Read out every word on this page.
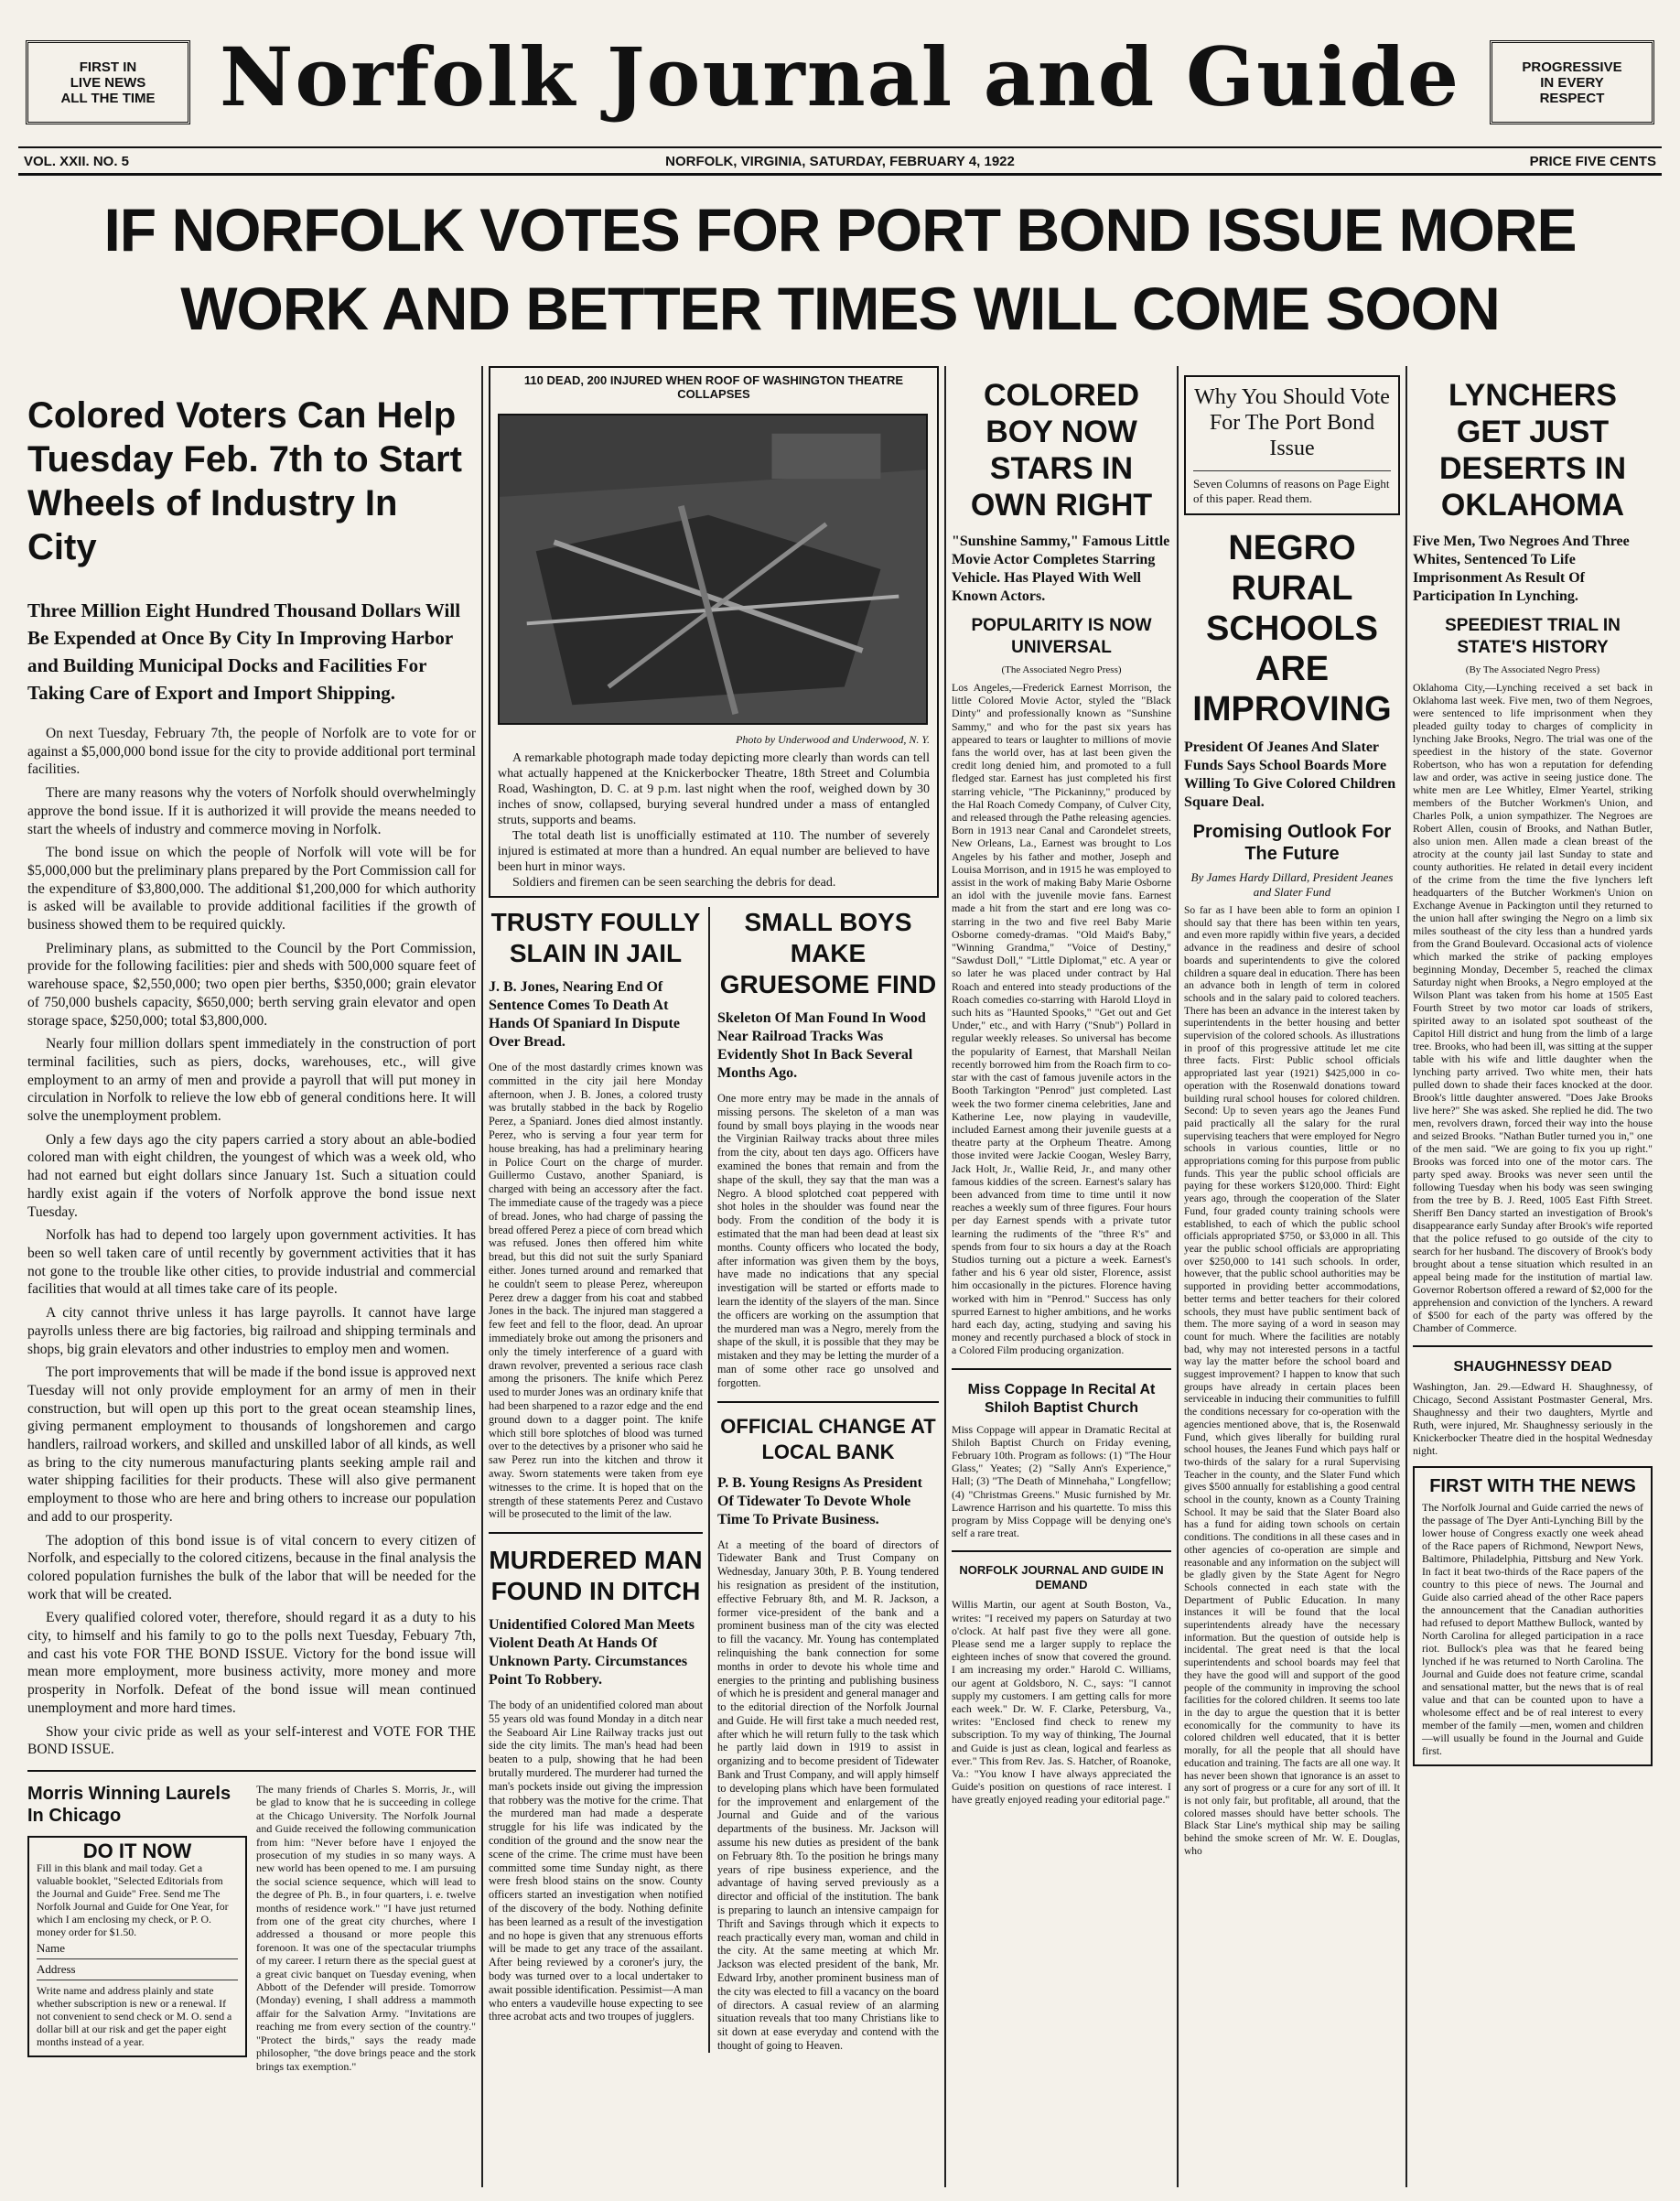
FIRST IN
LIVE NEWS
ALL THE TIME Norfolk Journal and Guide	PROGRESSIVE
IN EVERY
RESPECT
VOL. XXII. NO. 5	NORFOLK, VIRGINIA, SATURDAY, FEBRUARY 4, 1922	PRICE FIVE CENTS
IF NORFOLK VOTES FOR PORT BOND ISSUE MORE
WORK AND BETTER TIMES WILL COME SOON
Colored Voters Can Help Tuesday Feb. 7th to Start Wheels of Industry In City
Three Million Eight Hundred Thousand Dollars Will Be Expended at Once By City In Improving Harbor and Building Municipal Docks and Facilities For Taking Care of Export and Import Shipping.

On next Tuesday, February 7th, the people of Norfolk are to vote for or against a $5,000,000 bond issue for the city to provide additional port terminal facilities.

There are many reasons why the voters of Norfolk should overwhelmingly approve the bond issue. If it is authorized it will provide the means needed to start the wheels of industry and commerce moving in Norfolk.

The bond issue on which the people of Norfolk will vote will be for $5,000,000 but the preliminary plans prepared by the Port Commission call for the expenditure of $3,800,000. The additional $1,200,000 for which authority is asked will be available to provide additional facilities if the growth of business showed them to be required quickly.

Preliminary plans, as submitted to the Council by the Port Commission, provide for the following facilities: pier and sheds with 500,000 square feet of warehouse space, $2,550,000; two open pier berths, $350,000; grain elevator of 750,000 bushels capacity, $650,000; berth serving grain elevator and open storage space, $250,000; total $3,800,000.

Nearly four million dollars spent immediately in the construction of port terminal facilities, such as piers, docks, warehouses, etc., will give employment to an army of men and provide a payroll that will put money in circulation in Norfolk to relieve the low ebb of general conditions here. It will solve the unemployment problem.

Only a few days ago the city papers carried a story about an able-bodied colored man with eight children, the youngest of which was a week old, who had not earned but eight dollars since January 1st. Such a situation could hardly exist again if the voters of Norfolk approve the bond issue next Tuesday.

Norfolk has had to depend too largely upon government activities. It has been so well taken care of until recently by government activities that it has not gone to the trouble like other cities, to provide industrial and commercial facilities that would at all times take care of its people.

A city cannot thrive unless it has large payrolls. It cannot have large payrolls unless there are big factories, big railroad and shipping terminals and shops, big grain elevators and other industries to employ men and women.

The port improvements that will be made if the bond issue is approved next Tuesday will not only provide employment for an army of men in their construction, but will open up this port to the great ocean steamship lines, giving permanent employment to thousands of longshoremen and cargo handlers, railroad workers, and skilled and unskilled labor of all kinds, as well as bring to the city numerous manufacturing plants seeking ample rail and water shipping facilities for their products. These will also give permanent employment to those who are here and bring others to increase our population and add to our prosperity.

The adoption of this bond issue is of vital concern to every citizen of Norfolk, and especially to the colored citizens, because in the final analysis the colored population furnishes the bulk of the labor that will be needed for the work that will be created.

Every qualified colored voter, therefore, should regard it as a duty to his city, to himself and his family to go to the polls next Tuesday, Febuary 7th, and cast his vote FOR THE BOND ISSUE. Victory for the bond issue will mean more employment, more business activity, more money and more prosperity in Norfolk. Defeat of the bond issue will mean continued unemployment and more hard times.

Show your civic pride as well as your self-interest and VOTE FOR THE BOND ISSUE.

Morris Winning Laurels In Chicago
DO IT NOW
Fill in this blank and mail today. Get a valuable booklet, "Selected Editorials from the Journal and Guide" Free. Send me The Norfolk Journal and Guide for One Year, for which I am enclosing my check, or P. O. money order for $1.50.
Name
Address
Write name and address plainly and state whether subscription is new or a renewal. If not convenient to send check or M. O. send a dollar bill at our risk and get the paper eight months instead of a year.
The many friends of Charles S. Morris, Jr., will be glad to know that he is succeeding in college at the Chicago University. The Norfolk Journal and Guide received the following communication from him: "Never before have I enjoyed the prosecution of my studies in so many ways. A new world has been opened to me. I am pursuing the social science sequence, which will lead to the degree of Ph. B., in four quarters, i. e. twelve months of residence work." "I have just returned from one of the great city churches, where I addressed a thousand or more people this forenoon. It was one of the spectacular triumphs of my career. I return there as the special guest at a great civic banquet on Tuesday evening, when Abbott of the Defender will preside. Tomorrow (Monday) evening, I shall address a mammoth affair for the Salvation Army. "Invitations are reaching me from every section of the country." "Protect the birds," says the ready made philosopher, "the dove brings peace and the stork brings tax exemption."
110 DEAD, 200 INJURED WHEN ROOF OF WASHINGTON THEATRE COLLAPSES
Photo by Underwood and Underwood, N. Y.

A remarkable photograph made today depicting more clearly than words can tell what actually happened at the Knickerbocker Theatre, 18th Street and Columbia Road, Washington, D. C. at 9 p.m. last night when the roof, weighed down by 30 inches of snow, collapsed, burying several hundred under a mass of entangled struts, supports and beams.

The total death list is unofficially estimated at 110. The number of severely injured is estimated at more than a hundred. An equal number are believed to have been hurt in minor ways.

Soldiers and firemen can be seen searching the debris for dead.

TRUSTY FOULLY SLAIN IN JAIL
J. B. Jones, Nearing End Of Sentence Comes To Death At Hands Of Spaniard In Dispute Over Bread.
One of the most dastardly crimes known was committed in the city jail here Monday afternoon, when J. B. Jones, a colored trusty was brutally stabbed in the back by Rogelio Perez, a Spaniard. Jones died almost instantly. Perez, who is serving a four year term for house breaking, has had a preliminary hearing in Police Court on the charge of murder. Guillermo Custavo, another Spaniard, is charged with being an accessory after the fact. The immediate cause of the tragedy was a piece of bread. Jones, who had charge of passing the bread offered Perez a piece of corn bread which was refused. Jones then offered him white bread, but this did not suit the surly Spaniard either. Jones turned around and remarked that he couldn't seem to please Perez, whereupon Perez drew a dagger from his coat and stabbed Jones in the back. The injured man staggered a few feet and fell to the floor, dead. An uproar immediately broke out among the prisoners and only the timely interference of a guard with drawn revolver, prevented a serious race clash among the prisoners. The knife which Perez used to murder Jones was an ordinary knife that had been sharpened to a razor edge and the end ground down to a dagger point. The knife which still bore splotches of blood was turned over to the detectives by a prisoner who said he saw Perez run into the kitchen and throw it away. Sworn statements were taken from eye witnesses to the crime. It is hoped that on the strength of these statements Perez and Custavo will be prosecuted to the limit of the law.
MURDERED MAN FOUND IN DITCH
Unidentified Colored Man Meets Violent Death At Hands Of Unknown Party. Circumstances Point To Robbery.
The body of an unidentified colored man about 55 years old was found Monday in a ditch near the Seaboard Air Line Railway tracks just out side the city limits. The man's head had been beaten to a pulp, showing that he had been brutally murdered. The murderer had turned the man's pockets inside out giving the impression that robbery was the motive for the crime. That the murdered man had made a desperate struggle for his life was indicated by the condition of the ground and the snow near the scene of the crime. The crime must have been committed some time Sunday night, as there were fresh blood stains on the snow. County officers started an investigation when notified of the discovery of the body. Nothing definite has been learned as a result of the investigation and no hope is given that any strenuous efforts will be made to get any trace of the assailant. After being reviewed by a coroner's jury, the body was turned over to a local undertaker to await possible identification. Pessimist—A man who enters a vaudeville house expecting to see three acrobat acts and two troupes of jugglers.
SMALL BOYS MAKE GRUESOME FIND
Skeleton Of Man Found In Wood Near Railroad Tracks Was Evidently Shot In Back Several Months Ago.
One more entry may be made in the annals of missing persons. The skeleton of a man was found by small boys playing in the woods near the Virginian Railway tracks about three miles from the city, about ten days ago. Officers have examined the bones that remain and from the shape of the skull, they say that the man was a Negro. A blood splotched coat peppered with shot holes in the shoulder was found near the body. From the condition of the body it is estimated that the man had been dead at least six months. County officers who located the body, after information was given them by the boys, have made no indications that any special investigation will be started or efforts made to learn the identity of the slayers of the man. Since the officers are working on the assumption that the murdered man was a Negro, merely from the shape of the skull, it is possible that they may be mistaken and they may be letting the murder of a man of some other race go unsolved and forgotten.
OFFICIAL CHANGE AT LOCAL BANK
P. B. Young Resigns As President Of Tidewater To Devote Whole Time To Private Business.
At a meeting of the board of directors of Tidewater Bank and Trust Company on Wednesday, January 30th, P. B. Young tendered his resignation as president of the institution, effective February 8th, and M. R. Jackson, a former vice-president of the bank and a prominent business man of the city was elected to fill the vacancy. Mr. Young has contemplated relinquishing the bank connection for some months in order to devote his whole time and energies to the printing and publishing business of which he is president and general manager and to the editorial direction of the Norfolk Journal and Guide. He will first take a much needed rest, after which he will return fully to the task which he partly laid down in 1919 to assist in organizing and to become president of Tidewater Bank and Trust Company, and will apply himself to developing plans which have been formulated for the improvement and enlargement of the Journal and Guide and of the various departments of the business. Mr. Jackson will assume his new duties as president of the bank on February 8th. To the position he brings many years of ripe business experience, and the advantage of having served previously as a director and official of the institution. The bank is preparing to launch an intensive campaign for Thrift and Savings through which it expects to reach practically every man, woman and child in the city. At the same meeting at which Mr. Jackson was elected president of the bank, Mr. Edward Irby, another prominent business man of the city was elected to fill a vacancy on the board of directors. A casual review of an alarming situation reveals that too many Christians like to sit down at ease everyday and contend with the thought of going to Heaven.
COLORED BOY NOW STARS IN OWN RIGHT
"Sunshine Sammy," Famous Little Movie Actor Completes Starring Vehicle. Has Played With Well Known Actors.
POPULARITY IS NOW UNIVERSAL
(The Associated Negro Press)
Los Angeles,—Frederick Earnest Morrison, the little Colored Movie Actor, styled the "Black Dinty" and professionally known as "Sunshine Sammy," and who for the past six years has appeared to tears or laughter to millions of movie fans the world over, has at last been given the credit long denied him, and promoted to a full fledged star. Earnest has just completed his first starring vehicle, "The Pickaninny," produced by the Hal Roach Comedy Company, of Culver City, and released through the Pathe releasing agencies. Born in 1913 near Canal and Carondelet streets, New Orleans, La., Earnest was brought to Los Angeles by his father and mother, Joseph and Louisa Morrison, and in 1915 he was employed to assist in the work of making Baby Marie Osborne an idol with the juvenile movie fans. Earnest made a hit from the start and ere long was co-starring in the two and five reel Baby Marie Osborne comedy-dramas. "Old Maid's Baby," "Winning Grandma," "Voice of Destiny," "Sawdust Doll," "Little Diplomat," etc. A year or so later he was placed under contract by Hal Roach and entered into steady productions of the Roach comedies co-starring with Harold Lloyd in such hits as "Haunted Spooks," "Get out and Get Under," etc., and with Harry ("Snub") Pollard in regular weekly releases. So universal has become the popularity of Earnest, that Marshall Neilan recently borrowed him from the Roach firm to co-star with the cast of famous juvenile actors in the Booth Tarkington "Penrod" just completed. Last week the two former cinema celebrities, Jane and Katherine Lee, now playing in vaudeville, included Earnest among their juvenile guests at a theatre party at the Orpheum Theatre. Among those invited were Jackie Coogan, Wesley Barry, Jack Holt, Jr., Wallie Reid, Jr., and many other famous kiddies of the screen. Earnest's salary has been advanced from time to time until it now reaches a weekly sum of three figures. Four hours per day Earnest spends with a private tutor learning the rudiments of the "three R's" and spends from four to six hours a day at the Roach Studios turning out a picture a week. Earnest's father and his 6 year old sister, Florence, assist him occasionally in the pictures. Florence having worked with him in "Penrod." Success has only spurred Earnest to higher ambitions, and he works hard each day, acting, studying and saving his money and recently purchased a block of stock in a Colored Film producing organization.
Miss Coppage In Recital At Shiloh Baptist Church
Miss Coppage will appear in Dramatic Recital at Shiloh Baptist Church on Friday evening, February 10th. Program as follows: (1) "The Hour Glass," Yeates; (2) "Sally Ann's Experience," Hall; (3) "The Death of Minnehaha," Longfellow; (4) "Christmas Greens." Music furnished by Mr. Lawrence Harrison and his quartette. To miss this program by Miss Coppage will be denying one's self a rare treat.
NORFOLK JOURNAL AND GUIDE IN DEMAND
Willis Martin, our agent at South Boston, Va., writes: "I received my papers on Saturday at two o'clock. At half past five they were all gone. Please send me a larger supply to replace the eighteen inches of snow that covered the ground. I am increasing my order." Harold C. Williams, our agent at Goldsboro, N. C., says: "I cannot supply my customers. I am getting calls for more each week." Dr. W. F. Clarke, Petersburg, Va., writes: "Enclosed find check to renew my subscription. To my way of thinking, The Journal and Guide is just as clean, logical and fearless as ever." This from Rev. Jas. S. Hatcher, of Roanoke, Va.: "You know I have always appreciated the Guide's position on questions of race interest. I have greatly enjoyed reading your editorial page."
Why You Should Vote For The Port Bond Issue
Seven Columns of reasons on Page Eight of this paper. Read them.
NEGRO RURAL SCHOOLS ARE IMPROVING
President Of Jeanes And Slater Funds Says School Boards More Willing To Give Colored Children Square Deal.
Promising Outlook For The Future
By James Hardy Dillard, President Jeanes and Slater Fund
So far as I have been able to form an opinion I should say that there has been within ten years, and even more rapidly within five years, a decided advance in the readiness and desire of school boards and superintendents to give the colored children a square deal in education. There has been an advance both in length of term in colored schools and in the salary paid to colored teachers. There has been an advance in the interest taken by superintendents in the better housing and better supervision of the colored schools. As illustrations in proof of this progressive attitude let me cite three facts. First: Public school officials appropriated last year (1921) $425,000 in co-operation with the Rosenwald donations toward building rural school houses for colored children. Second: Up to seven years ago the Jeanes Fund paid practically all the salary for the rural supervising teachers that were employed for Negro schools in various counties, little or no appropriations coming for this purpose from public funds. This year the public school officials are paying for these workers $120,000. Third: Eight years ago, through the cooperation of the Slater Fund, four graded county training schools were established, to each of which the public school officials appropriated $750, or $3,000 in all. This year the public school officials are appropriating over $250,000 to 141 such schools. In order, however, that the public school authorities may be supported in providing better accommodations, better terms and better teachers for their colored schools, they must have public sentiment back of them. The more saying of a word in season may count for much. Where the facilities are notably bad, why may not interested persons in a tactful way lay the matter before the school board and suggest improvement? I happen to know that such groups have already in certain places been serviceable in inducing their communities to fulfill the conditions necessary for co-operation with the agencies mentioned above, that is, the Rosenwald Fund, which gives liberally for building rural school houses, the Jeanes Fund which pays half or two-thirds of the salary for a rural Supervising Teacher in the county, and the Slater Fund which gives $500 annually for establishing a good central school in the county, known as a County Training School. It may be said that the Slater Board also has a fund for aiding town schools on certain conditions. The conditions in all these cases and in other agencies of co-operation are simple and reasonable and any information on the subject will be gladly given by the State Agent for Negro Schools connected in each state with the Department of Public Education. In many instances it will be found that the local superintendents already have the necessary information. But the question of outside help is incidental. The great need is that the local superintendents and school boards may feel that they have the good will and support of the good people of the community in improving the school facilities for the colored children. It seems too late in the day to argue the question that it is better economically for the community to have its colored children well educated, that it is better morally, for all the people that all should have education and training. The facts are all one way. It has never been shown that ignorance is an asset to any sort of progress or a cure for any sort of ill. It is not only fair, but profitable, all around, that the colored masses should have better schools. The Black Star Line's mythical ship may be sailing behind the smoke screen of Mr. W. E. Douglas, who
LYNCHERS GET JUST DESERTS IN OKLAHOMA
Five Men, Two Negroes And Three Whites, Sentenced To Life Imprisonment As Result Of Participation In Lynching.
SPEEDIEST TRIAL IN STATE'S HISTORY
(By The Associated Negro Press)
Oklahoma City,—Lynching received a set back in Oklahoma last week. Five men, two of them Negroes, were sentenced to life imprisonment when they pleaded guilty today to charges of complicity in lynching Jake Brooks, Negro. The trial was one of the speediest in the history of the state. Governor Robertson, who has won a reputation for defending law and order, was active in seeing justice done. The white men are Lee Whitley, Elmer Yeartel, striking members of the Butcher Workmen's Union, and Charles Polk, a union sympathizer. The Negroes are Robert Allen, cousin of Brooks, and Nathan Butler, also union men. Allen made a clean breast of the atrocity at the county jail last Sunday to state and county authorities. He related in detail every incident of the crime from the time the five lynchers left headquarters of the Butcher Workmen's Union on Exchange Avenue in Packington until they returned to the union hall after swinging the Negro on a limb six miles southeast of the city less than a hundred yards from the Grand Boulevard. Occasional acts of violence which marked the strike of packing employes beginning Monday, December 5, reached the climax Saturday night when Brooks, a Negro employed at the Wilson Plant was taken from his home at 1505 East Fourth Street by two motor car loads of strikers, spirited away to an isolated spot southeast of the Capitol Hill district and hung from the limb of a large tree. Brooks, who had been ill, was sitting at the supper table with his wife and little daughter when the lynching party arrived. Two white men, their hats pulled down to shade their faces knocked at the door. Brook's little daughter answered. "Does Jake Brooks live here?" She was asked. She replied he did. The two men, revolvers drawn, forced their way into the house and seized Brooks. "Nathan Butler turned you in," one of the men said. "We are going to fix you up right." Brooks was forced into one of the motor cars. The party sped away. Brooks was never seen until the following Tuesday when his body was seen swinging from the tree by B. J. Reed, 1005 East Fifth Street. Sheriff Ben Dancy started an investigation of Brook's disappearance early Sunday after Brook's wife reported that the police refused to go outside of the city to search for her husband. The discovery of Brook's body brought about a tense situation which resulted in an appeal being made for the institution of martial law. Governor Robertson offered a reward of $2,000 for the apprehension and conviction of the lynchers. A reward of $500 for each of the party was offered by the Chamber of Commerce.
SHAUGHNESSY DEAD
Washington, Jan. 29.—Edward H. Shaughnessy, of Chicago, Second Assistant Postmaster General, Mrs. Shaughnessy and their two daughters, Myrtle and Ruth, were injured, Mr. Shaughnessy seriously in the Knickerbocker Theatre died in the hospital Wednesday night.
FIRST WITH THE NEWS
The Norfolk Journal and Guide carried the news of the passage of The Dyer Anti-Lynching Bill by the lower house of Congress exactly one week ahead of the Race papers of Richmond, Newport News, Baltimore, Philadelphia, Pittsburg and New York. In fact it beat two-thirds of the Race papers of the country to this piece of news. The Journal and Guide also carried ahead of the other Race papers the announcement that the Canadian authorities had refused to deport Matthew Bullock, wanted by North Carolina for alleged participation in a race riot. Bullock's plea was that he feared being lynched if he was returned to North Carolina. The Journal and Guide does not feature crime, scandal and sensational matter, but the news that is of real value and that can be counted upon to have a wholesome effect and be of real interest to every member of the family —men, women and children—will usually be found in the Journal and Guide first.
